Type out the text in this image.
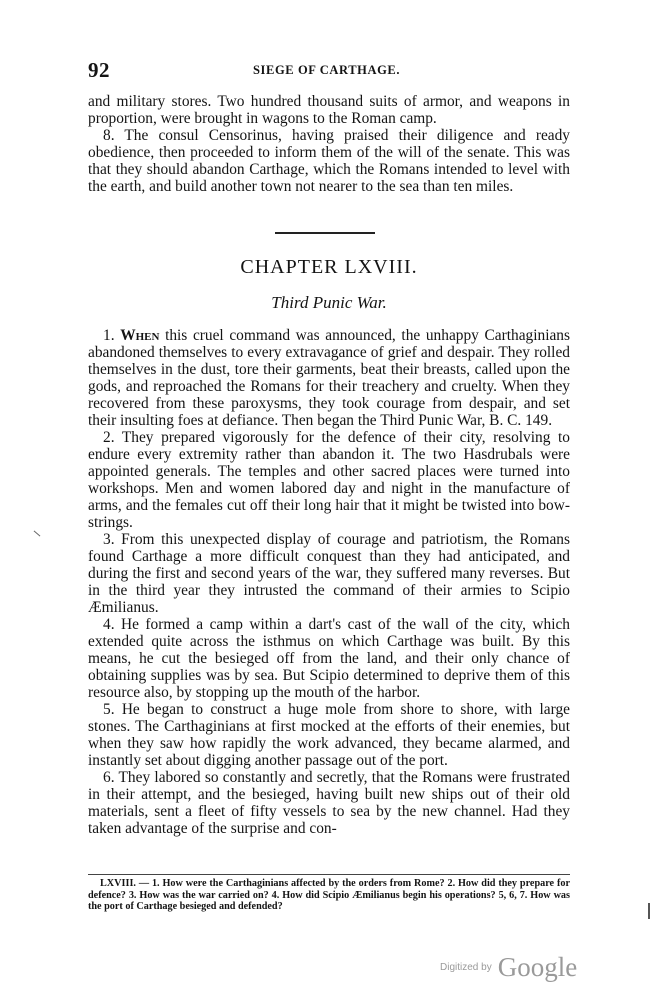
92	SIEGE OF CARTHAGE.

and military stores. Two hundred thousand suits of armor, and weapons in proportion, were brought in wagons to the Roman camp.

8. The consul Censorinus, having praised their diligence and ready obedience, then proceeded to inform them of the will of the senate. This was that they should abandon Carthage, which the Romans intended to level with the earth, and build another town not nearer to the sea than ten miles.

CHAPTER LXVIII.
Third Punic War.

1. When this cruel command was announced, the unhappy Carthaginians abandoned themselves to every extravagance of grief and despair. They rolled themselves in the dust, tore their garments, beat their breasts, called upon the gods, and reproached the Romans for their treachery and cruelty. When they recovered from these paroxysms, they took courage from despair, and set their insulting foes at defiance. Then began the Third Punic War, B. C. 149.

2. They prepared vigorously for the defence of their city, resolving to endure every extremity rather than abandon it. The two Hasdrubals were appointed generals. The temples and other sacred places were turned into workshops. Men and women labored day and night in the manufacture of arms, and the females cut off their long hair that it might be twisted into bow-strings.

3. From this unexpected display of courage and patriotism, the Romans found Carthage a more difficult conquest than they had anticipated, and during the first and second years of the war, they suffered many reverses. But in the third year they intrusted the command of their armies to Scipio Æmilianus.

4. He formed a camp within a dart's cast of the wall of the city, which extended quite across the isthmus on which Carthage was built. By this means, he cut the besieged off from the land, and their only chance of obtaining supplies was by sea. But Scipio determined to deprive them of this resource also, by stopping up the mouth of the harbor.

5. He began to construct a huge mole from shore to shore, with large stones. The Carthaginians at first mocked at the efforts of their enemies, but when they saw how rapidly the work advanced, they became alarmed, and instantly set about digging another passage out of the port.

6. They labored so constantly and secretly, that the Romans were frustrated in their attempt, and the besieged, having built new ships out of their old materials, sent a fleet of fifty vessels to sea by the new channel. Had they taken advantage of the surprise and con-

LXVIII. — 1. How were the Carthaginians affected by the orders from Rome? 2. How did they prepare for defence? 3. How was the war carried on? 4. How did Scipio Æmilianus begin his operations? 5, 6, 7. How was the port of Carthage besieged and defended?

Digitized by Google
